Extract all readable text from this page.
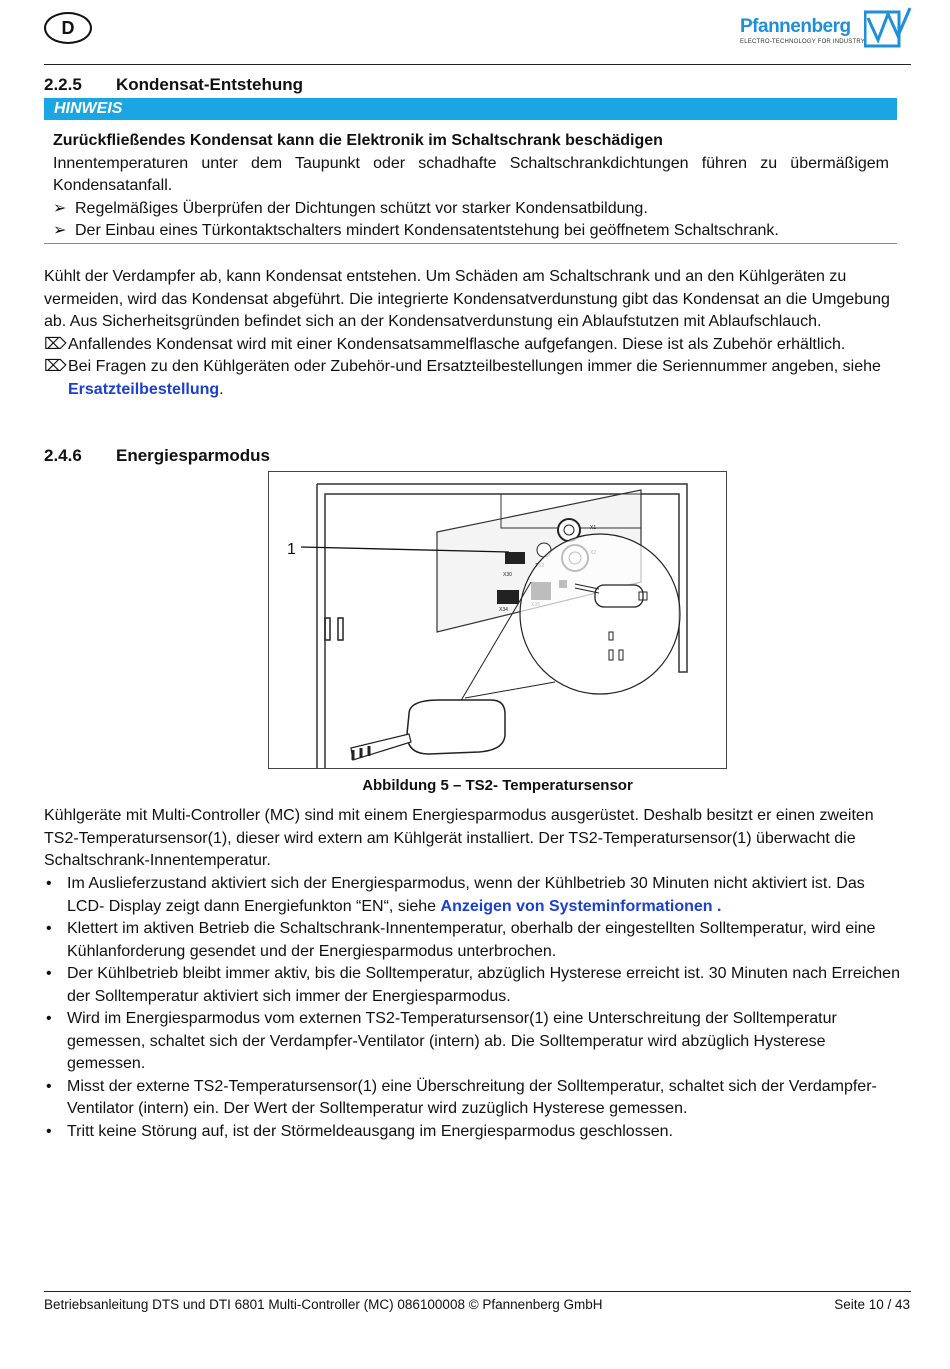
D	Pfannenberg
ELECTRO-TECHNOLOGY FOR INDUSTRY
2.2.5 Kondensat-Entstehung
HINWEIS
Zurückfließendes Kondensat kann die Elektronik im Schaltschrank beschädigen
Innentemperaturen unter dem Taupunkt oder schadhafte Schaltschrankdichtungen führen zu übermäßigem Kondensatanfall.
➢ Regelmäßiges Überprüfen der Dichtungen schützt vor starker Kondensatbildung.
➢ Der Einbau eines Türkontaktschalters mindert Kondensatentstehung bei geöffnetem Schaltschrank.
Kühlt der Verdampfer ab, kann Kondensat entstehen. Um Schäden am Schaltschrank und an den Kühlgeräten zu vermeiden, wird das Kondensat abgeführt. Die integrierte Kondensatverdunstung gibt das Kondensat an die Umgebung ab. Aus Sicherheitsgründen befindet sich an der Kondensatverdunstung ein Ablaufstutzen mit Ablaufschlauch.
⌦ Anfallendes Kondensat wird mit einer Kondensatsammelflasche aufgefangen. Diese ist als Zubehör erhältlich.
⌦ Bei Fragen zu den Kühlgeräten oder Zubehör-und Ersatzteilbestellungen immer die Seriennummer angeben, siehe Ersatzteilbestellung.
2.4.6 Energiesparmodus
X1
X30
X34
1
Abbildung 5 – TS2- Temperatursensor
Kühlgeräte mit Multi-Controller (MC) sind mit einem Energiesparmodus ausgerüstet. Deshalb besitzt er einen zweiten TS2-Temperatursensor(1), dieser wird extern am Kühlgerät installiert. Der TS2-Temperatursensor(1) überwacht die Schaltschrank-Innentemperatur.
• Im Auslieferzustand aktiviert sich der Energiesparmodus, wenn der Kühlbetrieb 30 Minuten nicht aktiviert ist. Das LCD- Display zeigt dann Energiefunkton “EN“, siehe Anzeigen von Systeminformationen .
• Klettert im aktiven Betrieb die Schaltschrank-Innentemperatur, oberhalb der eingestellten Solltemperatur, wird eine Kühlanforderung gesendet und der Energiesparmodus unterbrochen.
• Der Kühlbetrieb bleibt immer aktiv, bis die Solltemperatur, abzüglich Hysterese erreicht ist. 30 Minuten nach Erreichen der Solltemperatur aktiviert sich immer der Energiesparmodus.
• Wird im Energiesparmodus vom externen TS2-Temperatursensor(1) eine Unterschreitung der Solltemperatur gemessen, schaltet sich der Verdampfer-Ventilator (intern) ab. Die Solltemperatur wird abzüglich Hysterese gemessen.
• Misst der externe TS2-Temperatursensor(1) eine Überschreitung der Solltemperatur, schaltet sich der Verdampfer-Ventilator (intern) ein. Der Wert der Solltemperatur wird zuzüglich Hysterese gemessen.
• Tritt keine Störung auf, ist der Störmeldeausgang im Energiesparmodus geschlossen.
Betriebsanleitung DTS und DTI 6801 Multi-Controller (MC) 086100008 © Pfannenberg GmbH	Seite 10 / 43
